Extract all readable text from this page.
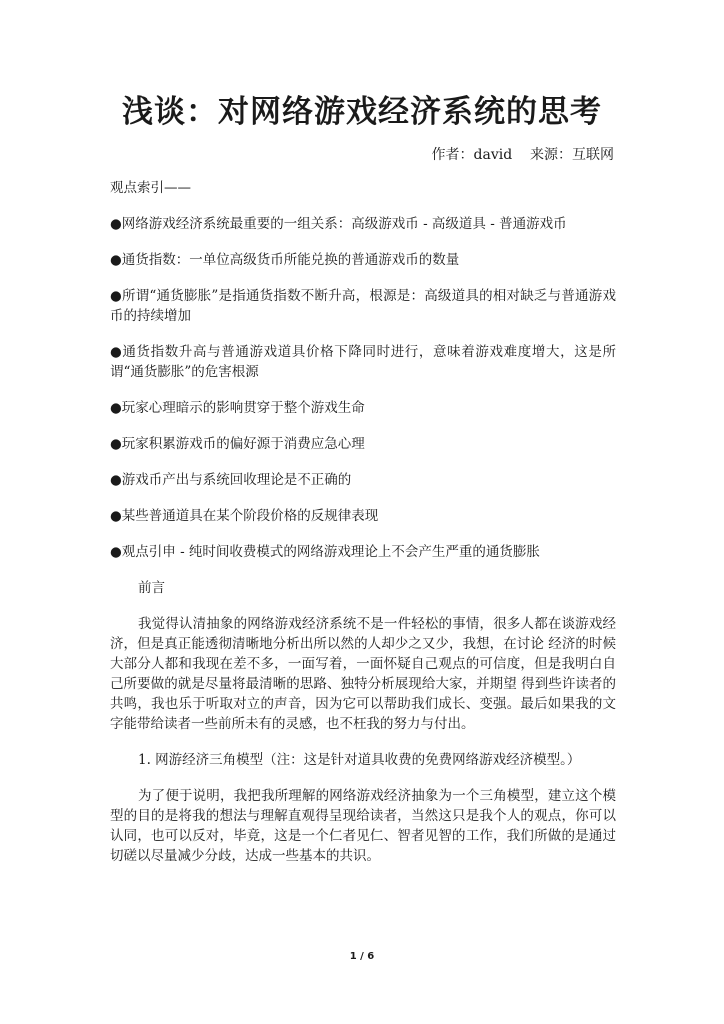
浅谈：对网络游戏经济系统的思考
作者：david 来源：互联网

观点索引——

●网络游戏经济系统最重要的一组关系：高级游戏币 - 高级道具 - 普通游戏币

●通货指数：一单位高级货币所能兑换的普通游戏币的数量

●所谓“通货膨胀”是指通货指数不断升高，根源是：高级道具的相对缺乏与普通游戏币的持续增加

●通货指数升高与普通游戏道具价格下降同时进行，意味着游戏难度增大，这是所谓“通货膨胀”的危害根源

●玩家心理暗示的影响贯穿于整个游戏生命

●玩家积累游戏币的偏好源于消费应急心理

●游戏币产出与系统回收理论是不正确的

●某些普通道具在某个阶段价格的反规律表现

●观点引申 - 纯时间收费模式的网络游戏理论上不会产生严重的通货膨胀

前言

我觉得认清抽象的网络游戏经济系统不是一件轻松的事情，很多人都在谈游戏经济，但是真正能透彻清晰地分析出所以然的人却少之又少，我想，在讨论 经济的时候大部分人都和我现在差不多，一面写着，一面怀疑自己观点的可信度，但是我明白自己所要做的就是尽量将最清晰的思路、独特分析展现给大家，并期望 得到些许读者的共鸣，我也乐于听取对立的声音，因为它可以帮助我们成长、变强。最后如果我的文字能带给读者一些前所未有的灵感，也不枉我的努力与付出。

1. 网游经济三角模型（注：这是针对道具收费的免费网络游戏经济模型。）

为了便于说明，我把我所理解的网络游戏经济抽象为一个三角模型，建立这个模型的目的是将我的想法与理解直观得呈现给读者，当然这只是我个人的观点，你可以认同，也可以反对，毕竟，这是一个仁者见仁、智者见智的工作，我们所做的是通过切磋以尽量减少分歧，达成一些基本的共识。

1 / 6
